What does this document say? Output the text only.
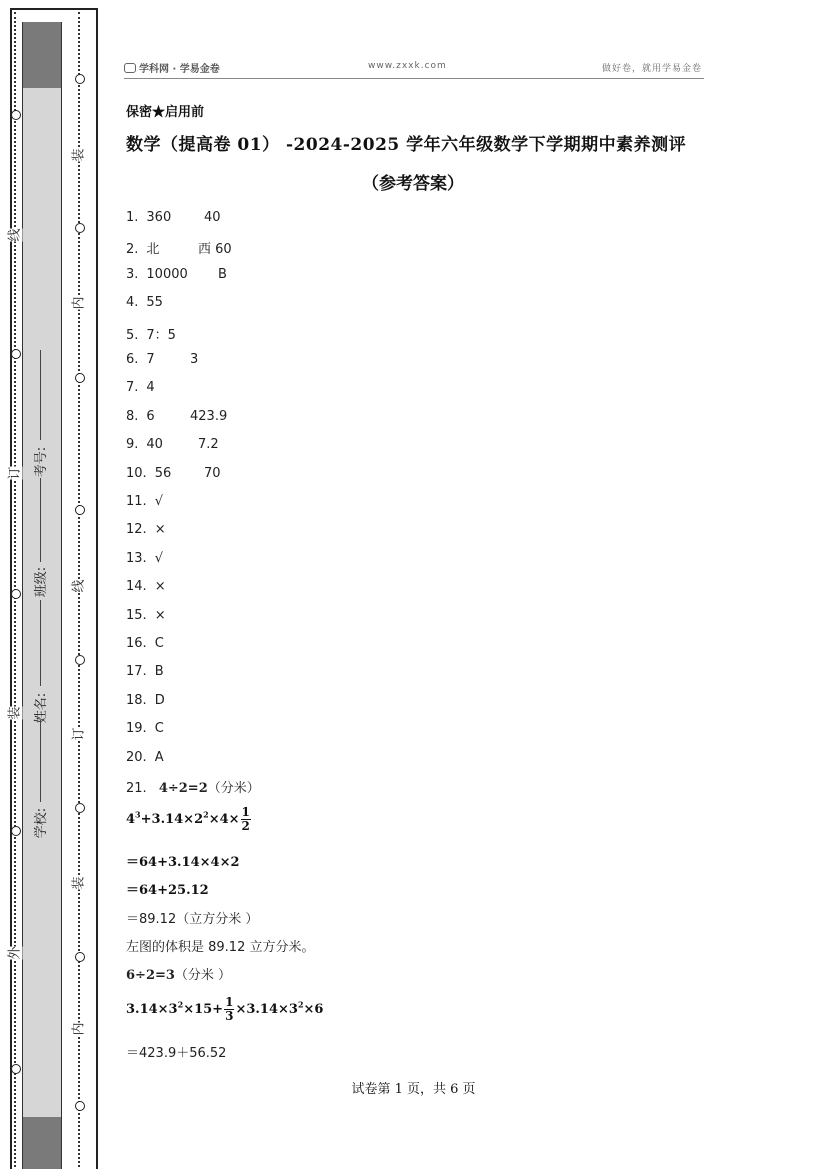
线
订
装
外
装
内
线
订
装
内
考号:
班级:
姓名:
学校:
学科网 · 学易金卷	www.zxxk.com	做好卷，就用学易金卷
保密★启用前
数学（提高卷 01） -2024-2025 学年六年级数学下学期期中素养测评
（参考答案）
1. 360	40
2. 北	西 60
3. 10000 B
4. 55
5. 7：5
6. 7	3
7. 4
8. 6	423.9
9. 40	7.2
10. 56	70
11. √
12. ×
13. √
14. ×
15. ×
16. C
17. B
18. D
19. C
20. A
21. 4÷2=2（分米）
$4^3+3.14\times 2^2\times 4\times \frac{1}{2}$
＝64+3.14×4×2
＝64+25.12
＝89.12（立方分米 ）
左图的体积是 89.12 立方分米。
6÷2=3（分米 ）
$3.14\times 3^2\times 15+ \frac{1}{3} \times 3.14\times 3^2\times 6$
＝423.9＋56.52
试卷第 1 页，共 6 页
